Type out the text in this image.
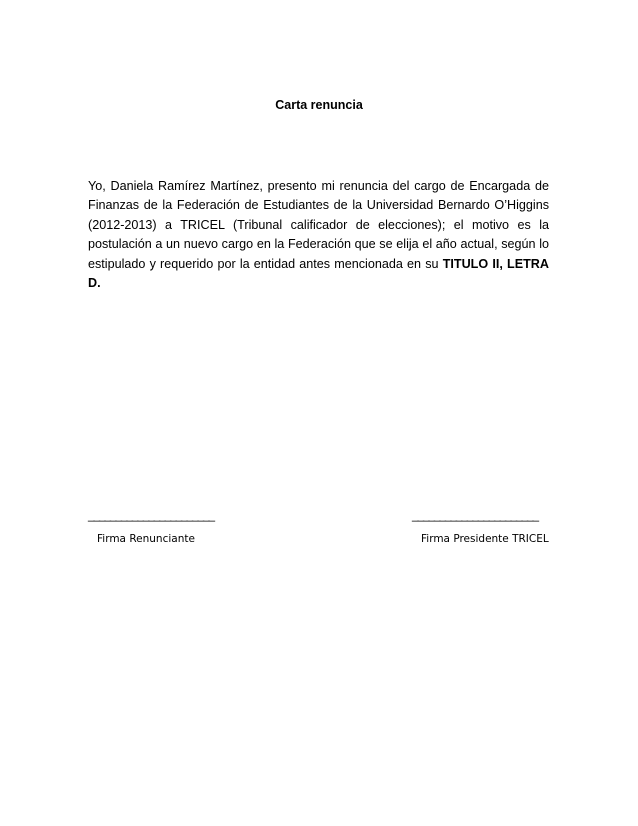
Carta renuncia

Yo, Daniela Ramírez Martínez, presento mi renuncia del cargo de Encargada de Finanzas de la Federación de Estudiantes de la Universidad Bernardo O’Higgins (2012-2013) a TRICEL (Tribunal calificador de elecciones); el motivo es la postulación a un nuevo cargo en la Federación que se elija el año actual, según lo estipulado y requerido por la entidad antes mencionada en su TITULO II, LETRA D.

_______________________
Firma Renunciante
_______________________
Firma Presidente TRICEL
